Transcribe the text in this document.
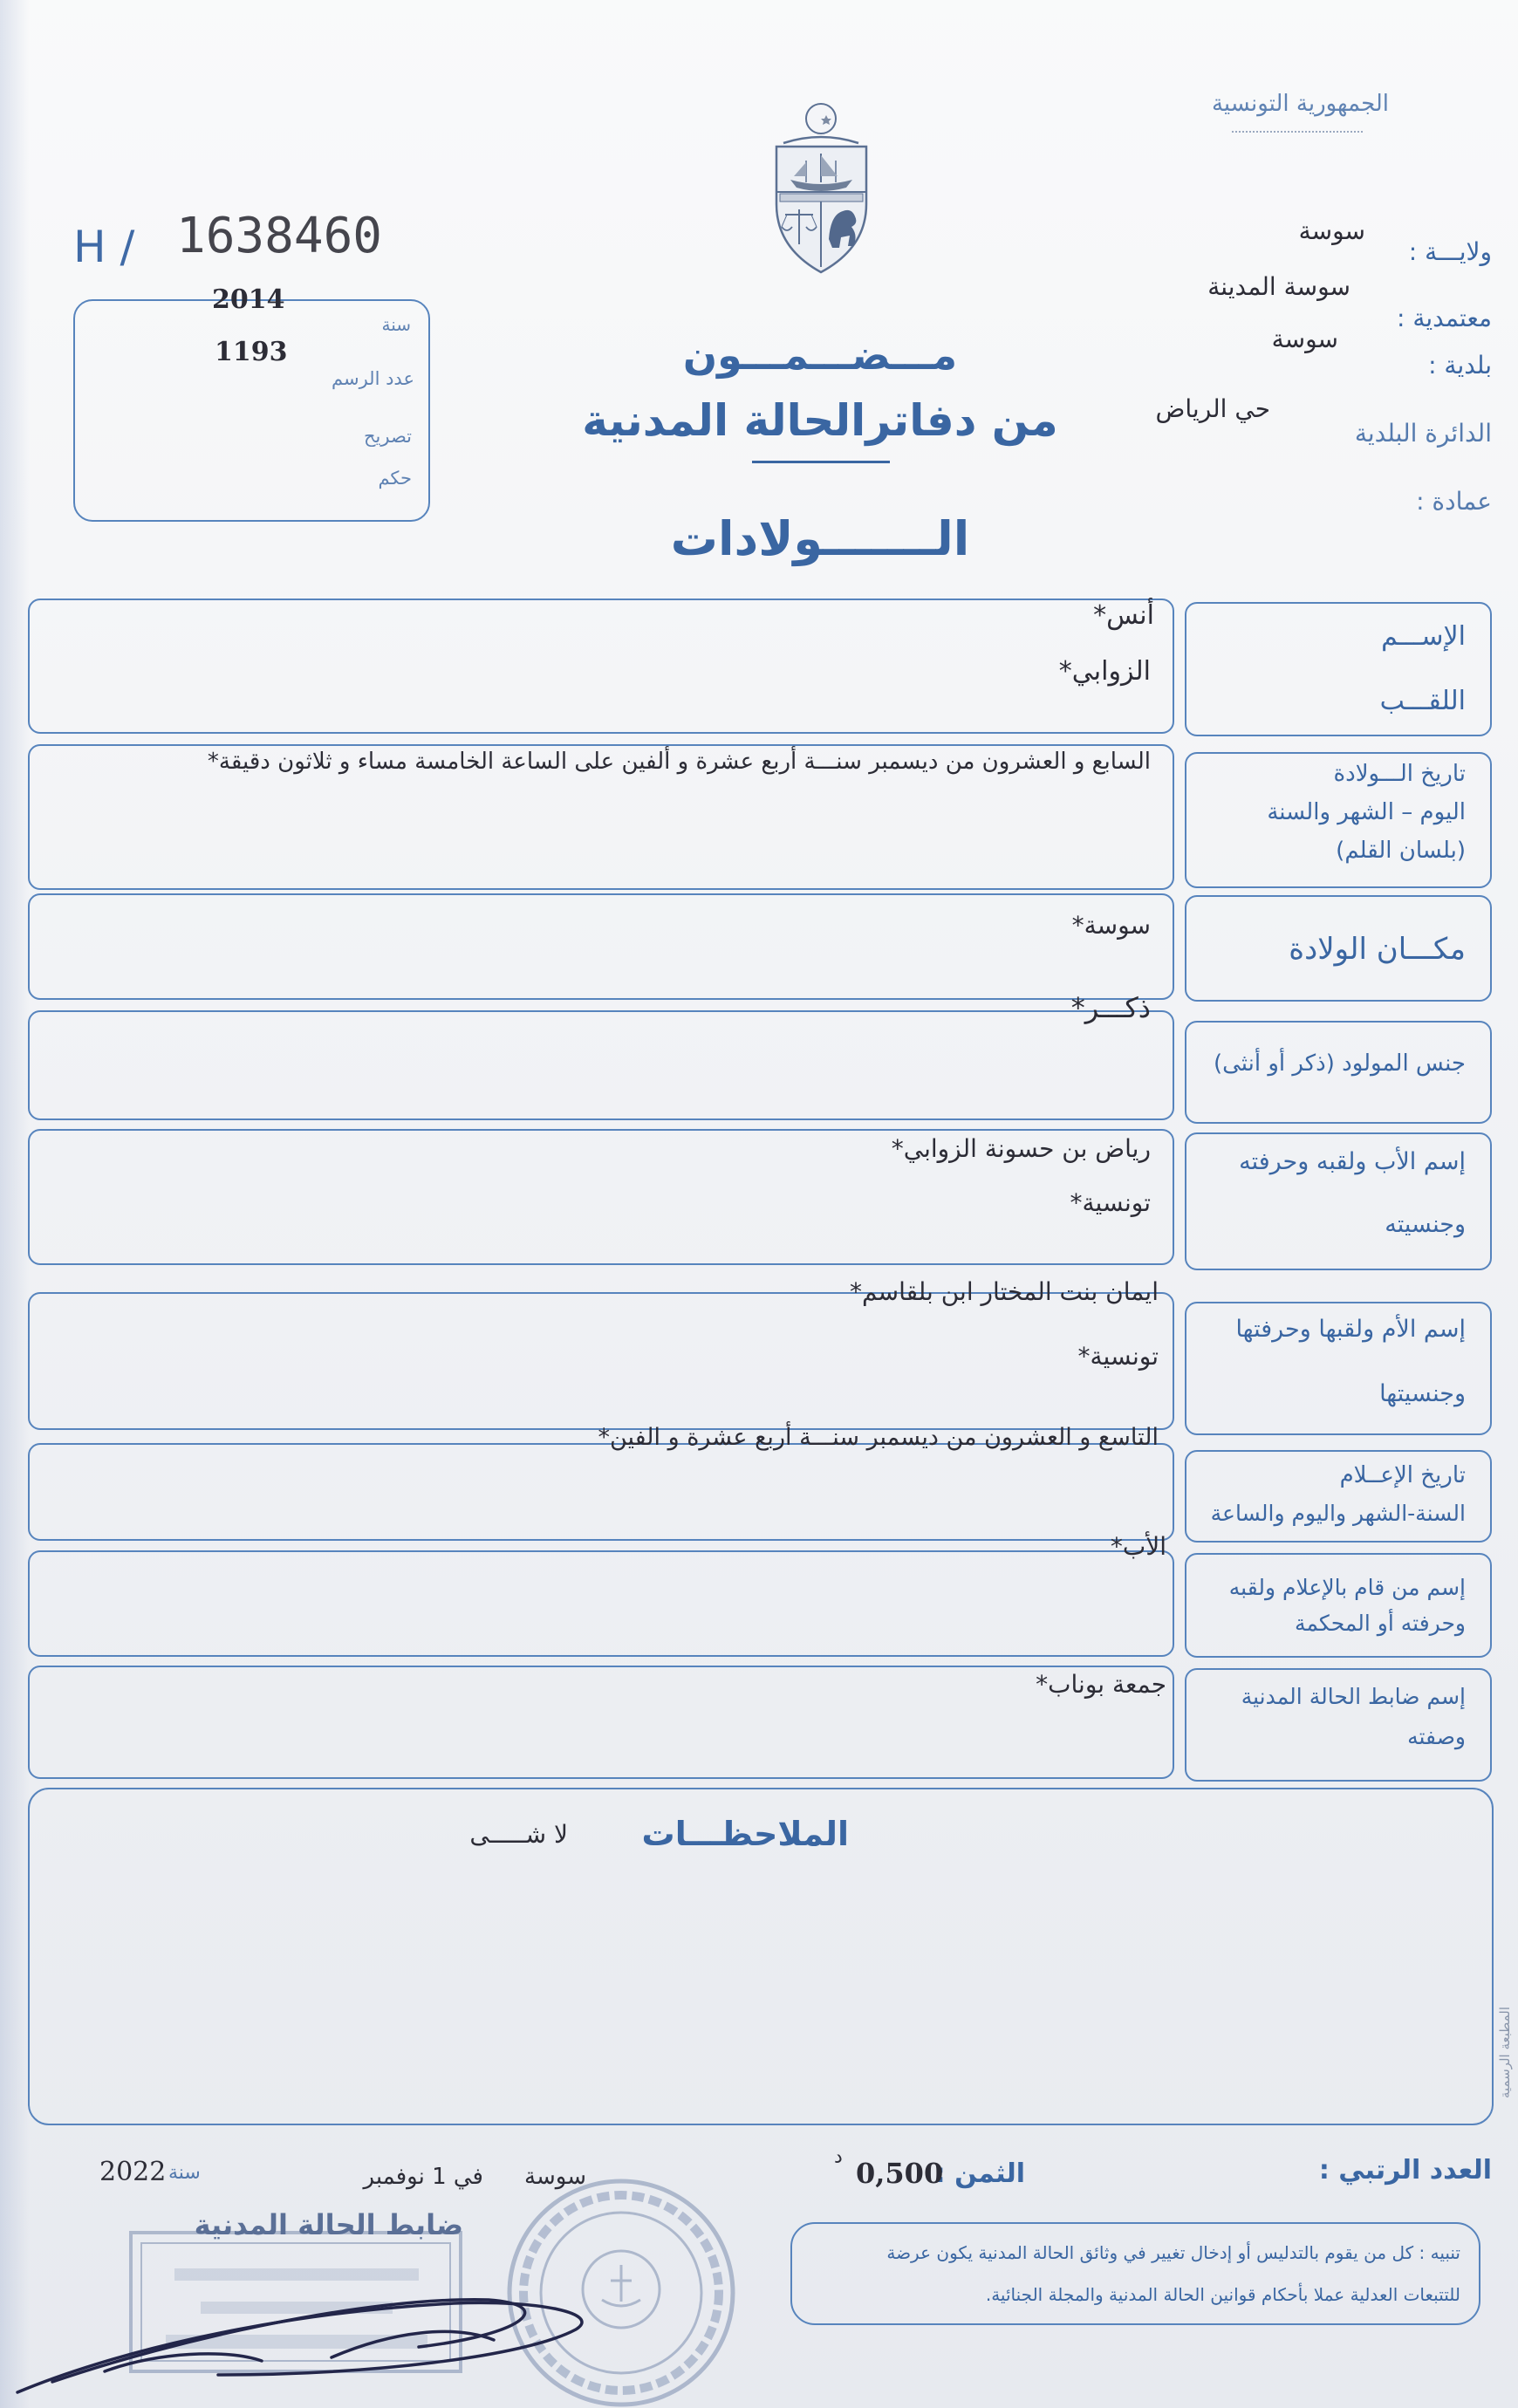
الجمهورية التونسية
ولايـــة :
سوسة
معتمدية :
سوسة المدينة
بلدية :
سوسة
الدائرة البلدية
حي الرياض
عمادة :
H / 1638460
2014
سنة
1193
عدد الرسم
تصريح
حكم
مـــضـــمـــون
من دفاترالحالة المدنية
الـــــــولادات
الإســـم
اللقـــب
أنس*
الزوابي*
تاريخ الـــولادة
اليوم – الشهر والسنة
(بلسان القلم)
السابع و العشرون من ديسمبر سنـــة أربع عشرة و ألفين على الساعة الخامسة مساء و ثلاثون دقيقة*
مكـــان الولادة
سوسة*
جنس المولود (ذكر أو أنثى)
ذكـــر*
إسم الأب ولقبه وحرفته
وجنسيته
رياض بن حسونة الزوابي*
تونسية*
إسم الأم ولقبها وحرفتها
وجنسيتها
ايمان بنت المختار ابن بلقاسم*
تونسية*
تاريخ الإعــلام
السنة-الشهر واليوم والساعة
التاسع و العشرون من ديسمبر سنـــة أربع عشرة و الفين*
إسم من قام بالإعلام ولقبه
وحرفته أو المحكمة
الأب*
إسم ضابط الحالة المدنية
وصفته
جمعة بوناب*
الملاحظـــات
لا شـــــى
المطبعة الرسمية
العدد الرتبي :
الثمن :
0,500
د
سوسة
في 1 نوفمبر
سنة
2022
ضابط الحالة المدنية
تنبيه : كل من يقوم بالتدليس أو إدخال تغيير في وثائق الحالة المدنية يكون عرضة
للتتبعات العدلية عملا بأحكام قوانين الحالة المدنية والمجلة الجنائية.
